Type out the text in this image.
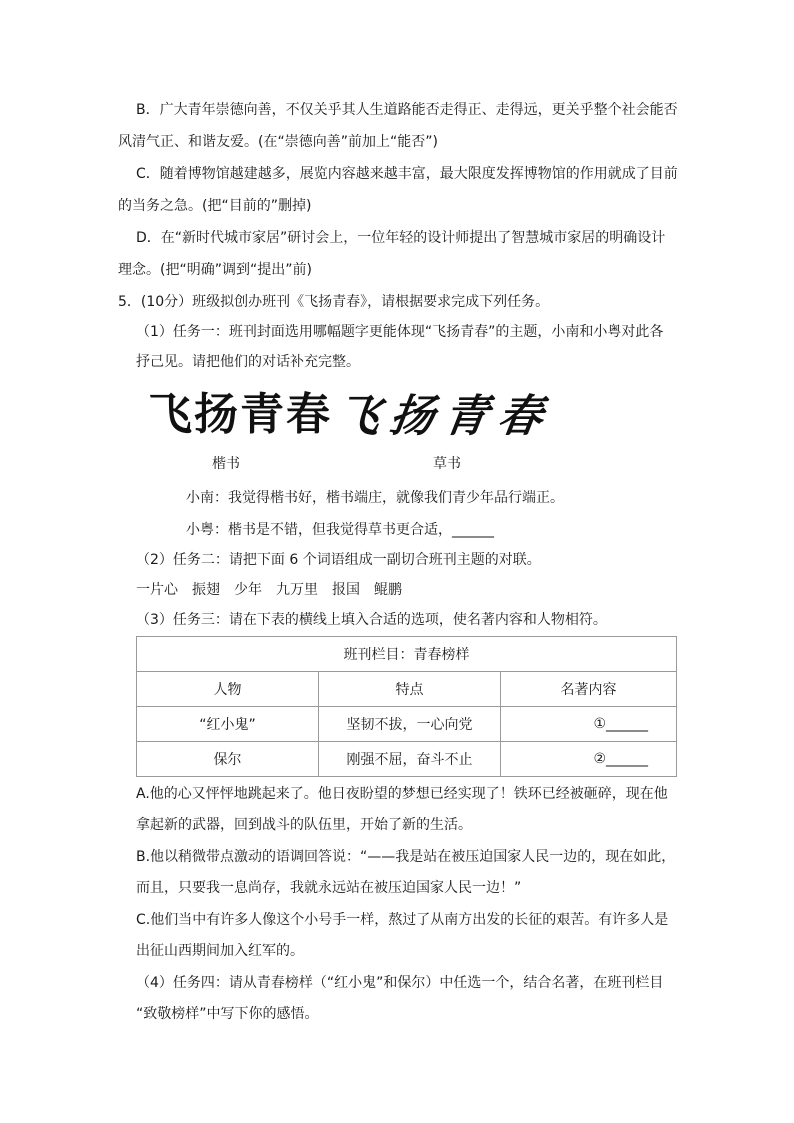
B．广大青年崇德向善，不仅关乎其人生道路能否走得正、走得远，更关乎整个社会能否
风清气正、和谐友爱。(在“崇德向善”前加上“能否”)
C．随着博物馆越建越多，展览内容越来越丰富，最大限度发挥博物馆的作用就成了目前
的当务之急。(把“目前的”删掉)
D．在“新时代城市家居”研讨会上，一位年轻的设计师提出了智慧城市家居的明确设计
理念。(把“明确”调到“提出”前)
5．(10分）班级拟创办班刊《飞扬青春》，请根据要求完成下列任务。
（1）任务一：班刊封面选用哪幅题字更能体现“飞扬青春”的主题，小南和小粤对此各
抒己见。请把他们的对话补充完整。
飞扬青春 飞扬青春
楷书	草书
小南：我觉得楷书好，楷书端庄，就像我们青少年品行端正。
小粤：楷书是不错，但我觉得草书更合适，______
（2）任务二：请把下面 6 个词语组成一副切合班刊主题的对联。
一片心　振翅　少年　九万里　报国　鲲鹏
（3）任务三：请在下表的横线上填入合适的选项，使名著内容和人物相符。
班刊栏目：青春榜样		
人物	特点	名著内容
“红小鬼”	坚韧不拔，一心向党	①______
保尔	刚强不屈，奋斗不止	②______
A.他的心又怦怦地跳起来了。他日夜盼望的梦想已经实现了！铁环已经被砸碎，现在他
拿起新的武器，回到战斗的队伍里，开始了新的生活。
B.他以稍微带点激动的语调回答说：“——我是站在被压迫国家人民一边的，现在如此，
而且，只要我一息尚存，我就永远站在被压迫国家人民一边！”
C.他们当中有许多人像这个小号手一样，熬过了从南方出发的长征的艰苦。有许多人是
出征山西期间加入红军的。
（4）任务四：请从青春榜样（“红小鬼”和保尔）中任选一个，结合名著，在班刊栏目
“致敬榜样”中写下你的感悟。
